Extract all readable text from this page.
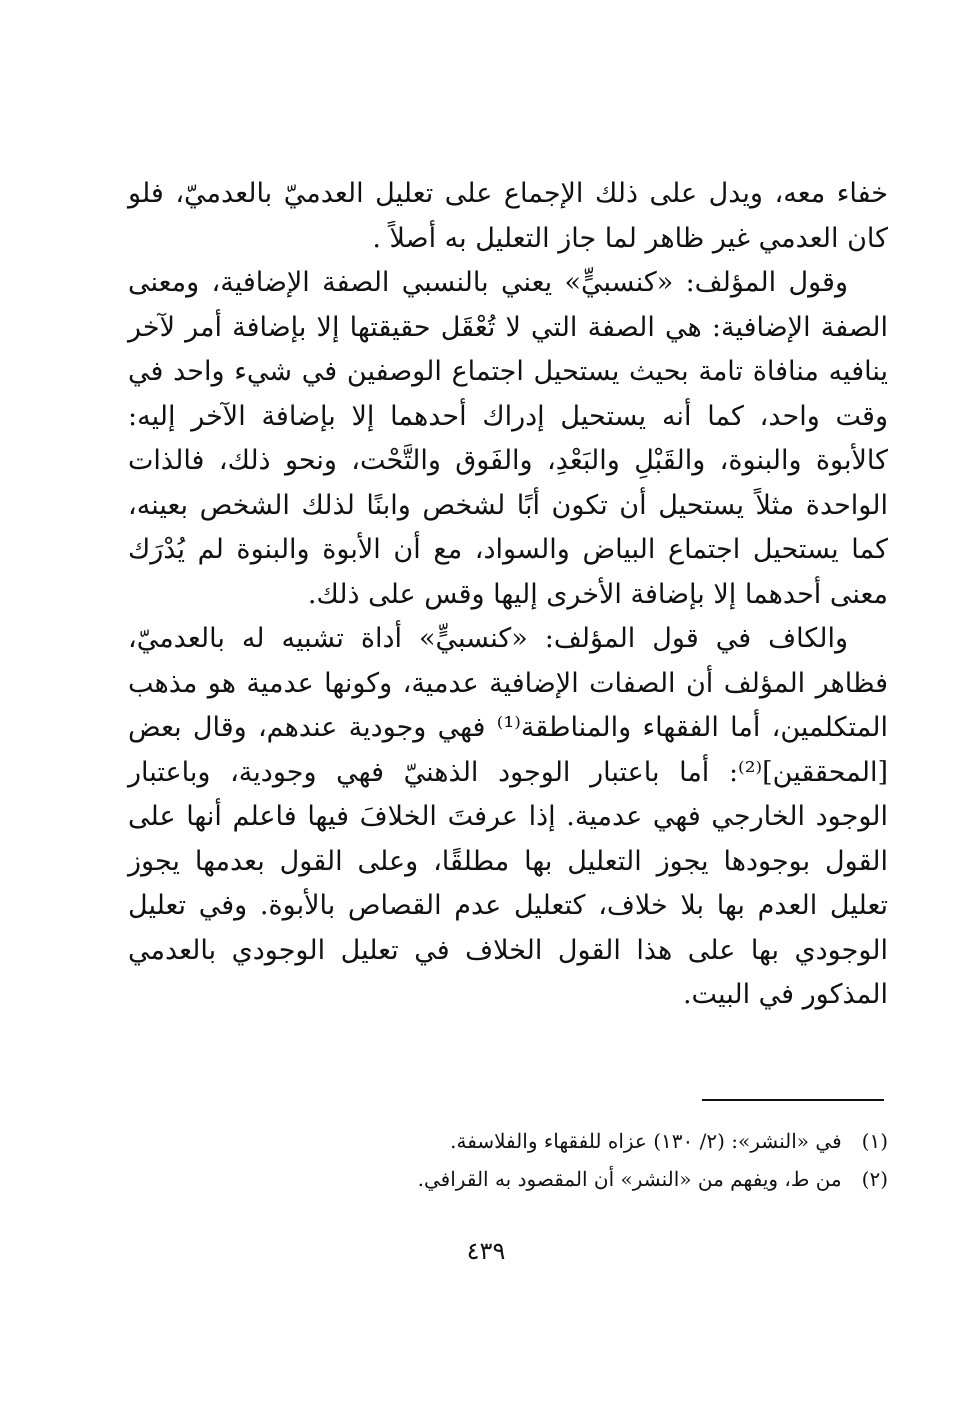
خفاء معه، ويدل على ذلك الإجماع على تعليل العدميّ بالعدميّ، فلو كان العدمي غير ظاهر لما جاز التعليل به أصلاً .

وقول المؤلف: «كنسبيٍّ» يعني بالنسبي الصفة الإضافية، ومعنى الصفة الإضافية: هي الصفة التي لا تُعْقَل حقيقتها إلا بإضافة أمر لآخر ينافيه منافاة تامة بحيث يستحيل اجتماع الوصفين في شيء واحد في وقت واحد، كما أنه يستحيل إدراك أحدهما إلا بإضافة الآخر إليه: كالأبوة والبنوة، والقَبْلِ والبَعْدِ، والفَوق والتَّحْت، ونحو ذلك، فالذات الواحدة مثلاً يستحيل أن تكون أبًا لشخص وابنًا لذلك الشخص بعينه، كما يستحيل اجتماع البياض والسواد، مع أن الأبوة والبنوة لم يُدْرَك معنى أحدهما إلا بإضافة الأخرى إليها وقس على ذلك.

والكاف في قول المؤلف: «كنسبيٍّ» أداة تشبيه له بالعدميّ، فظاهر المؤلف أن الصفات الإضافية عدمية، وكونها عدمية هو مذهب المتكلمين، أما الفقهاء والمناطقة⁽¹⁾ فهي وجودية عندهم، وقال بعض [المحققين]⁽²⁾: أما باعتبار الوجود الذهنيّ فهي وجودية، وباعتبار الوجود الخارجي فهي عدمية. إذا عرفتَ الخلافَ فيها فاعلم أنها على القول بوجودها يجوز التعليل بها مطلقًا، وعلى القول بعدمها يجوز تعليل العدم بها بلا خلاف، كتعليل عدم القصاص بالأبوة. وفي تعليل الوجودي بها على هذا القول الخلاف في تعليل الوجودي بالعدمي المذكور في البيت.

(١) في «النشر»: (٢/ ١٣٠) عزاه للفقهاء والفلاسفة.
(٢) من ط، ويفهم من «النشر» أن المقصود به القرافي.
٤٣٩
